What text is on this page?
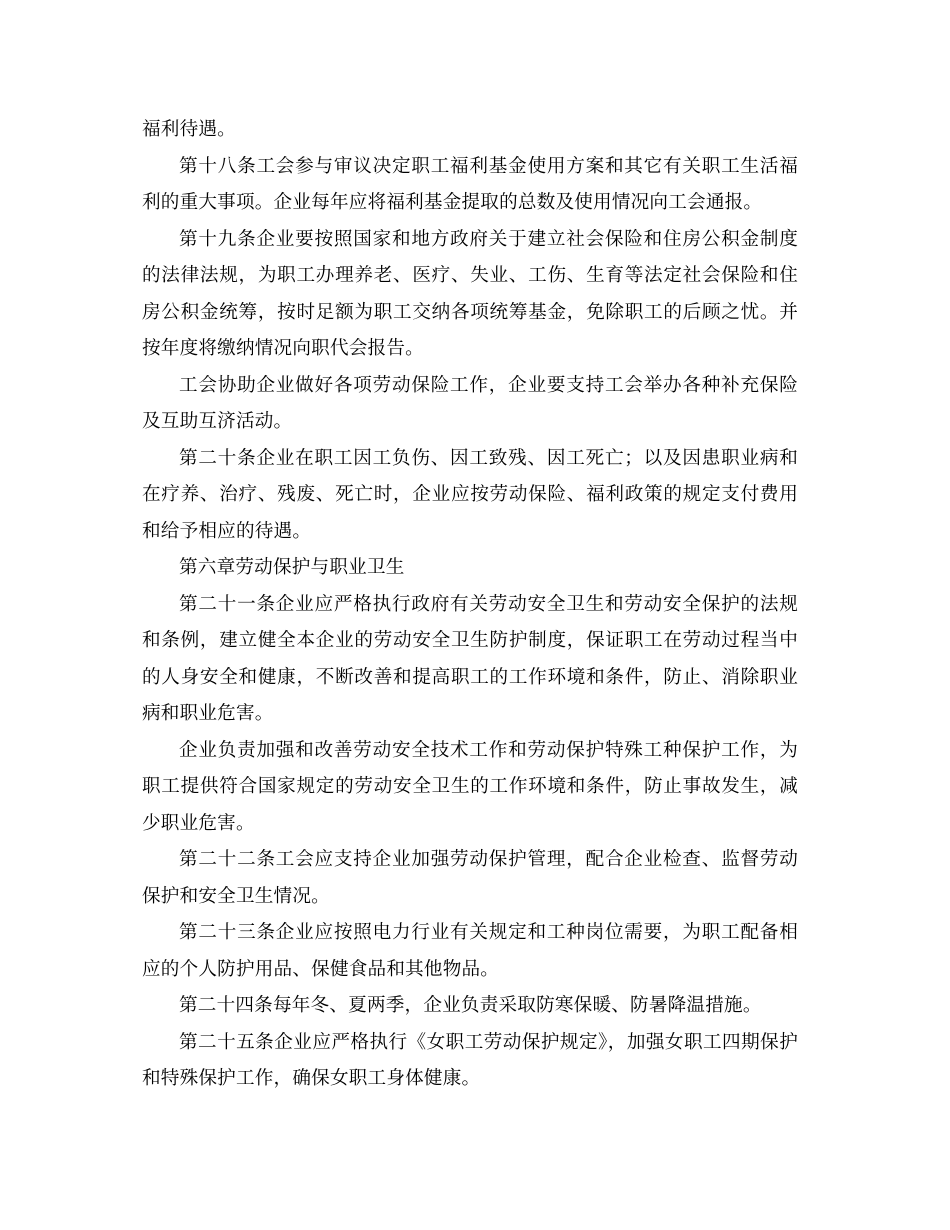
福利待遇。

第十八条工会参与审议决定职工福利基金使用方案和其它有关职工生活福利的重大事项。企业每年应将福利基金提取的总数及使用情况向工会通报。

第十九条企业要按照国家和地方政府关于建立社会保险和住房公积金制度的法律法规，为职工办理养老、医疗、失业、工伤、生育等法定社会保险和住房公积金统筹，按时足额为职工交纳各项统筹基金，免除职工的后顾之忧。并按年度将缴纳情况向职代会报告。

工会协助企业做好各项劳动保险工作，企业要支持工会举办各种补充保险及互助互济活动。

第二十条企业在职工因工负伤、因工致残、因工死亡；以及因患职业病和在疗养、治疗、残废、死亡时，企业应按劳动保险、福利政策的规定支付费用和给予相应的待遇。

第六章劳动保护与职业卫生

第二十一条企业应严格执行政府有关劳动安全卫生和劳动安全保护的法规和条例，建立健全本企业的劳动安全卫生防护制度，保证职工在劳动过程当中的人身安全和健康，不断改善和提高职工的工作环境和条件，防止、消除职业病和职业危害。

企业负责加强和改善劳动安全技术工作和劳动保护特殊工种保护工作，为职工提供符合国家规定的劳动安全卫生的工作环境和条件，防止事故发生，减少职业危害。

第二十二条工会应支持企业加强劳动保护管理，配合企业检查、监督劳动保护和安全卫生情况。

第二十三条企业应按照电力行业有关规定和工种岗位需要，为职工配备相应的个人防护用品、保健食品和其他物品。

第二十四条每年冬、夏两季，企业负责采取防寒保暖、防暑降温措施。

第二十五条企业应严格执行《女职工劳动保护规定》，加强女职工四期保护和特殊保护工作，确保女职工身体健康。
